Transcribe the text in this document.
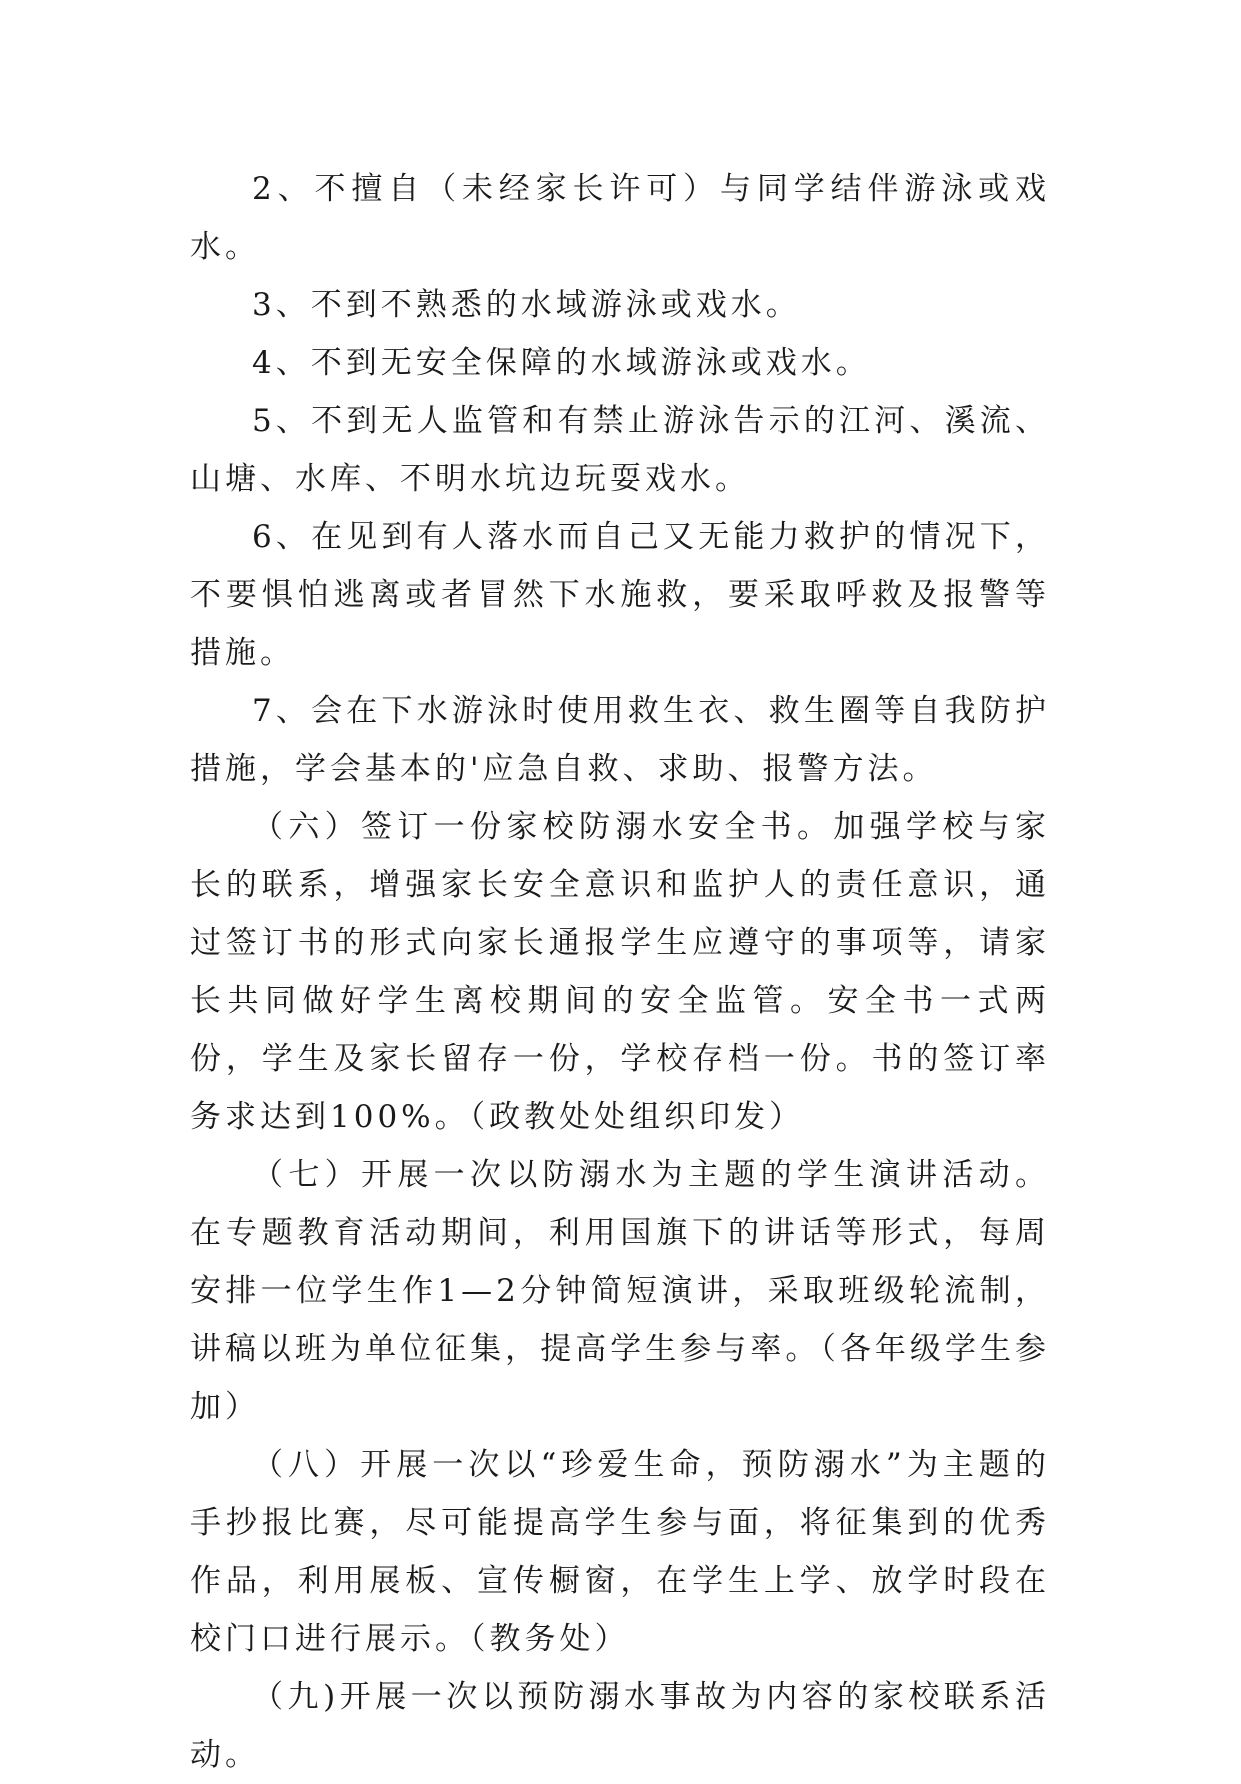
2、不擅自（未经家长许可）与同学结伴游泳或戏水。

3、不到不熟悉的水域游泳或戏水。

4、不到无安全保障的水域游泳或戏水。

5、不到无人监管和有禁止游泳告示的江河、溪流、山塘、水库、不明水坑边玩耍戏水。

6、在见到有人落水而自己又无能力救护的情况下，不要惧怕逃离或者冒然下水施救，要采取呼救及报警等措施。

7、会在下水游泳时使用救生衣、救生圈等自我防护措施，学会基本的'应急自救、求助、报警方法。

（六）签订一份家校防溺水安全书。加强学校与家长的联系，增强家长安全意识和监护人的责任意识，通过签订书的形式向家长通报学生应遵守的事项等，请家长共同做好学生离校期间的安全监管。安全书一式两份，学生及家长留存一份，学校存档一份。书的签订率务求达到100%。（政教处处组织印发）

（七）开展一次以防溺水为主题的学生演讲活动。在专题教育活动期间，利用国旗下的讲话等形式，每周安排一位学生作1—2分钟简短演讲，采取班级轮流制，讲稿以班为单位征集，提高学生参与率。（各年级学生参加）

（八）开展一次以“珍爱生命，预防溺水”为主题的手抄报比赛，尽可能提高学生参与面，将征集到的优秀作品，利用展板、宣传橱窗，在学生上学、放学时段在校门口进行展示。（教务处）

（九)开展一次以预防溺水事故为内容的家校联系活动。
